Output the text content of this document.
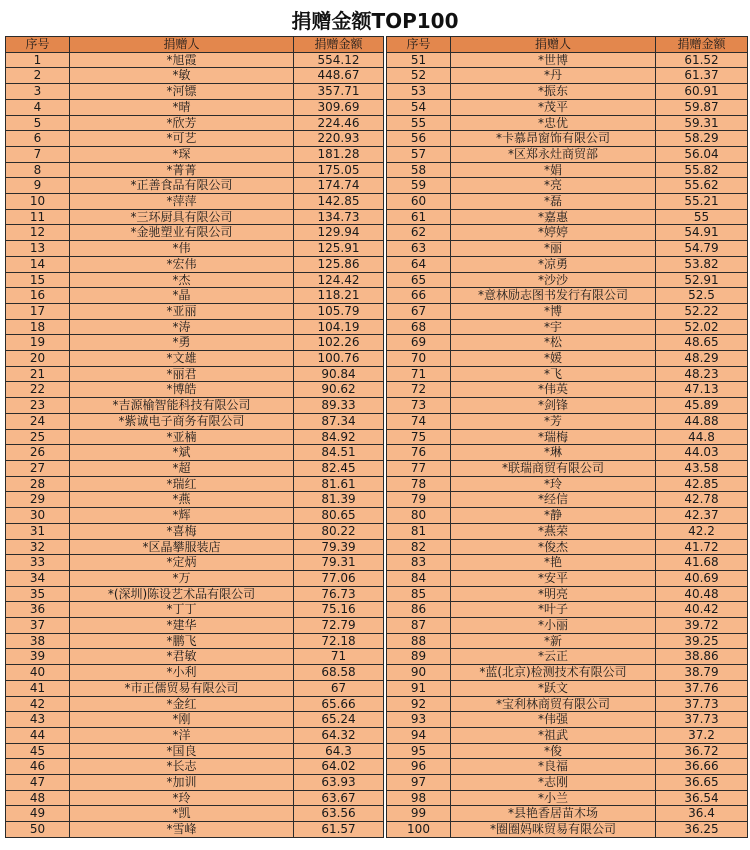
捐赠金额TOP100
序号	捐赠人	捐赠金额
1	*旭霞	554.12
2	*敏	448.67
3	*河镖	357.71
4	*晴	309.69
5	*欣芳	224.46
6	*可艺	220.93
7	*琛	181.28
8	*菁菁	175.05
9	*正善食品有限公司	174.74
10	*萍萍	142.85
11	*三环厨具有限公司	134.73
12	*金驰塑业有限公司	129.94
13	*伟	125.91
14	*宏伟	125.86
15	*杰	124.42
16	*晶	118.21
17	*亚丽	105.79
18	*涛	104.19
19	*勇	102.26
20	*文雄	100.76
21	*丽君	90.84
22	*博皓	90.62
23	*吉源榆智能科技有限公司	89.33
24	*紫诚电子商务有限公司	87.34
25	*亚楠	84.92
26	*斌	84.51
27	*超	82.45
28	*瑞红	81.61
29	*燕	81.39
30	*辉	80.65
31	*喜梅	80.22
32	*区晶攀服装店	79.39
33	*定炳	79.31
34	*万	77.06
35	*(深圳)陈设艺术品有限公司	76.73
36	*丁丁	75.16
37	*建华	72.79
38	*鹏飞	72.18
39	*君敏	71
40	*小利	68.58
41	*市正儒贸易有限公司	67
42	*金红	65.66
43	*刚	65.24
44	*洋	64.32
45	*国良	64.3
46	*长志	64.02
47	*加训	63.93
48	*玲	63.67
49	*凯	63.56
50	*雪峰	61.57
序号	捐赠人	捐赠金额
51	*世博	61.52
52	*丹	61.37
53	*振东	60.91
54	*茂平	59.87
55	*忠优	59.31
56	*卡慕昂窗饰有限公司	58.29
57	*区郑永灶商贸部	56.04
58	*娟	55.82
59	*亮	55.62
60	*磊	55.21
61	*嘉惠	55
62	*婷婷	54.91
63	*丽	54.79
64	*凉勇	53.82
65	*沙沙	52.91
66	*意林励志图书发行有限公司	52.5
67	*博	52.22
68	*宇	52.02
69	*松	48.65
70	*媛	48.29
71	*飞	48.23
72	*伟英	47.13
73	*剑锋	45.89
74	*芳	44.88
75	*瑞梅	44.8
76	*琳	44.03
77	*联瑞商贸有限公司	43.58
78	*玲	42.85
79	*经信	42.78
80	*静	42.37
81	*燕荣	42.2
82	*俊杰	41.72
83	*艳	41.68
84	*安平	40.69
85	*明亮	40.48
86	*叶子	40.42
87	*小丽	39.72
88	*新	39.25
89	*云正	38.86
90	*蓝(北京)检测技术有限公司	38.79
91	*跃文	37.76
92	*宝利林商贸有限公司	37.73
93	*伟强	37.73
94	*祖武	37.2
95	*俊	36.72
96	*良福	36.66
97	*志刚	36.65
98	*小兰	36.54
99	*县艳香居苗木场	36.4
100	*圈圈妈咪贸易有限公司	36.25
